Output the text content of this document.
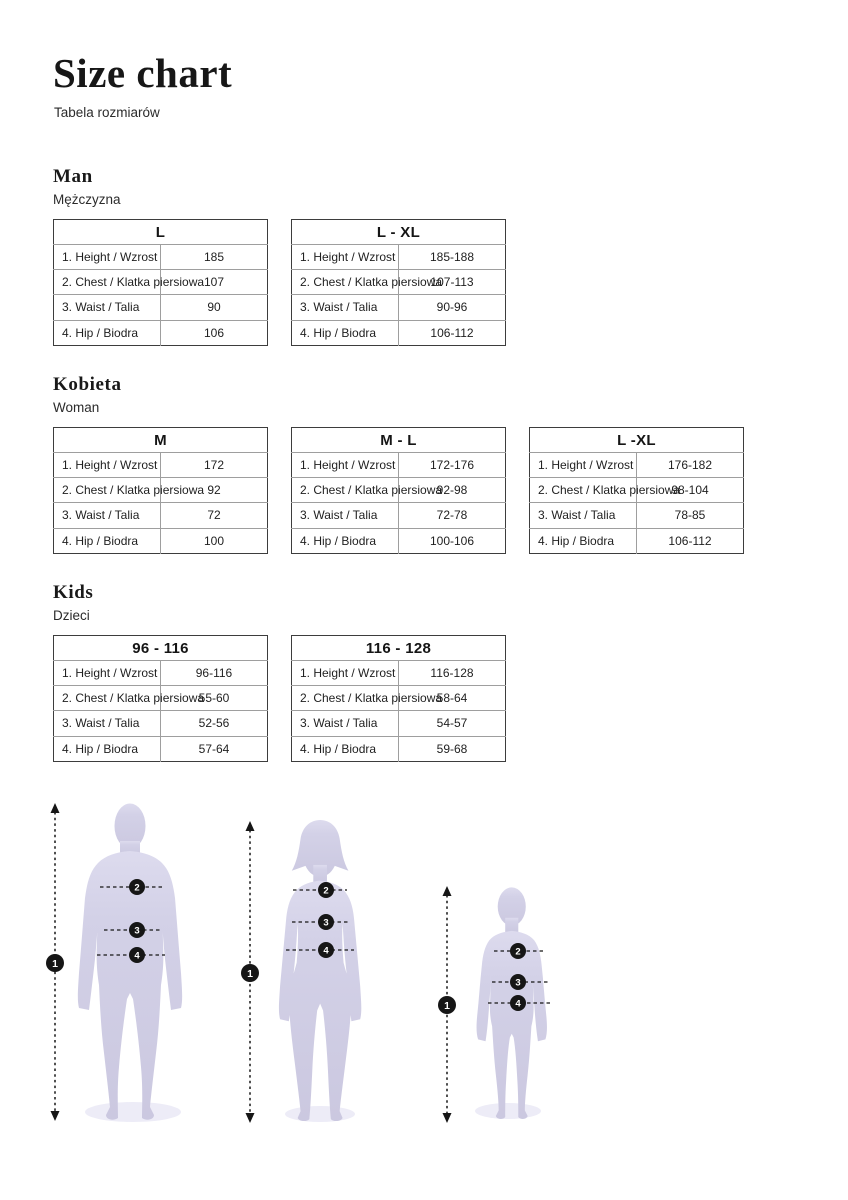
Size chart
Tabela rozmiarów
Man
Mężczyzna
L	
1. Height / Wzrost	185
2. Chest / Klatka piersiowa	107
3. Waist / Talia	90
4. Hip / Biodra	106
L - XL	
1. Height / Wzrost	185-188
2. Chest / Klatka piersiowa	107-113
3. Waist / Talia	90-96
4. Hip / Biodra	106-112
Kobieta
Woman
M	
1. Height / Wzrost	172
2. Chest / Klatka piersiowa	92
3. Waist / Talia	72
4. Hip / Biodra	100
M - L	
1. Height / Wzrost	172-176
2. Chest / Klatka piersiowa	92-98
3. Waist / Talia	72-78
4. Hip / Biodra	100-106
L -XL	
1. Height / Wzrost	176-182
2. Chest / Klatka piersiowa	98-104
3. Waist / Talia	78-85
4. Hip / Biodra	106-112
Kids
Dzieci
96 - 116	
1. Height / Wzrost	96-116
2. Chest / Klatka piersiowa	55-60
3. Waist / Talia	52-56
4. Hip / Biodra	57-64
116 - 128	
1. Height / Wzrost	116-128
2. Chest / Klatka piersiowa	58-64
3. Waist / Talia	54-57
4. Hip / Biodra	59-68
2
3
4
1
2
3
4
1
2
3
4
1
